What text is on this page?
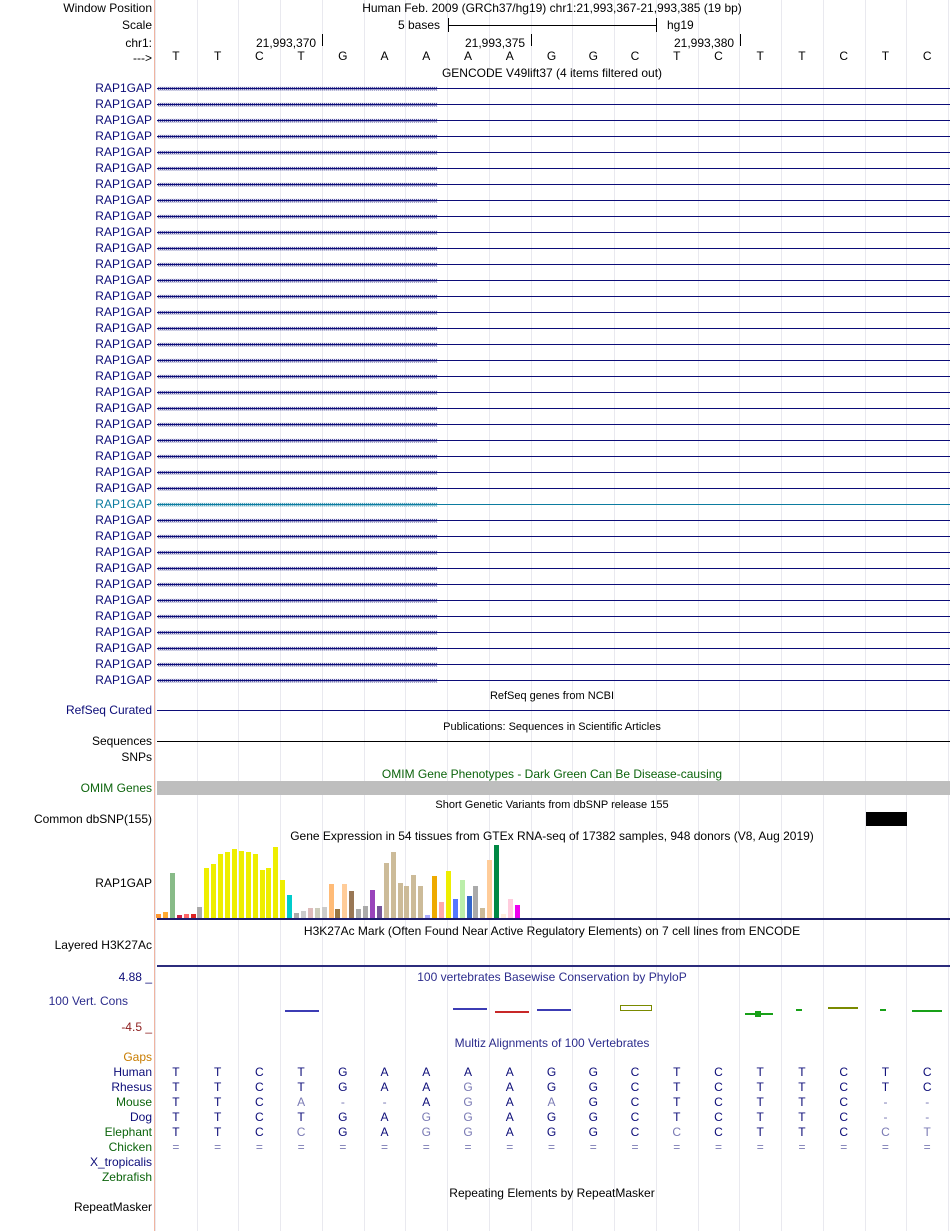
Window Position	Human Feb. 2009 (GRCh37/hg19) chr1:21,993,367-21,993,385 (19 bp)
Scale	5 bases	hg19
chr1:	21,993,370	21,993,375	21,993,380
--->	T	T	C	T	G	A	A	A	A	G	G	C	T	C	T	T	C	T	C
GENCODE V49lift37 (4 items filtered out)
RAP1GAP ‹‹‹‹‹‹‹‹‹‹‹‹‹‹‹‹‹‹‹‹‹‹‹‹‹‹‹‹‹‹‹‹‹‹‹‹‹‹‹‹‹‹‹‹‹‹‹‹‹‹‹‹‹‹‹‹‹‹‹‹‹‹‹‹‹‹‹‹‹‹‹‹‹‹‹‹‹‹‹‹‹‹‹‹‹‹‹‹‹‹‹‹‹‹‹‹‹‹‹‹‹‹‹‹‹‹‹‹‹‹‹‹‹‹‹‹‹‹‹‹‹‹‹‹‹‹‹‹‹‹‹‹‹‹‹‹‹‹‹‹
RAP1GAP ‹‹‹‹‹‹‹‹‹‹‹‹‹‹‹‹‹‹‹‹‹‹‹‹‹‹‹‹‹‹‹‹‹‹‹‹‹‹‹‹‹‹‹‹‹‹‹‹‹‹‹‹‹‹‹‹‹‹‹‹‹‹‹‹‹‹‹‹‹‹‹‹‹‹‹‹‹‹‹‹‹‹‹‹‹‹‹‹‹‹‹‹‹‹‹‹‹‹‹‹‹‹‹‹‹‹‹‹‹‹‹‹‹‹‹‹‹‹‹‹‹‹‹‹‹‹‹‹‹‹‹‹‹‹‹‹‹‹‹‹
RAP1GAP ‹‹‹‹‹‹‹‹‹‹‹‹‹‹‹‹‹‹‹‹‹‹‹‹‹‹‹‹‹‹‹‹‹‹‹‹‹‹‹‹‹‹‹‹‹‹‹‹‹‹‹‹‹‹‹‹‹‹‹‹‹‹‹‹‹‹‹‹‹‹‹‹‹‹‹‹‹‹‹‹‹‹‹‹‹‹‹‹‹‹‹‹‹‹‹‹‹‹‹‹‹‹‹‹‹‹‹‹‹‹‹‹‹‹‹‹‹‹‹‹‹‹‹‹‹‹‹‹‹‹‹‹‹‹‹‹‹‹‹‹
RAP1GAP ‹‹‹‹‹‹‹‹‹‹‹‹‹‹‹‹‹‹‹‹‹‹‹‹‹‹‹‹‹‹‹‹‹‹‹‹‹‹‹‹‹‹‹‹‹‹‹‹‹‹‹‹‹‹‹‹‹‹‹‹‹‹‹‹‹‹‹‹‹‹‹‹‹‹‹‹‹‹‹‹‹‹‹‹‹‹‹‹‹‹‹‹‹‹‹‹‹‹‹‹‹‹‹‹‹‹‹‹‹‹‹‹‹‹‹‹‹‹‹‹‹‹‹‹‹‹‹‹‹‹‹‹‹‹‹‹‹‹‹‹
RAP1GAP ‹‹‹‹‹‹‹‹‹‹‹‹‹‹‹‹‹‹‹‹‹‹‹‹‹‹‹‹‹‹‹‹‹‹‹‹‹‹‹‹‹‹‹‹‹‹‹‹‹‹‹‹‹‹‹‹‹‹‹‹‹‹‹‹‹‹‹‹‹‹‹‹‹‹‹‹‹‹‹‹‹‹‹‹‹‹‹‹‹‹‹‹‹‹‹‹‹‹‹‹‹‹‹‹‹‹‹‹‹‹‹‹‹‹‹‹‹‹‹‹‹‹‹‹‹‹‹‹‹‹‹‹‹‹‹‹‹‹‹‹
RAP1GAP ‹‹‹‹‹‹‹‹‹‹‹‹‹‹‹‹‹‹‹‹‹‹‹‹‹‹‹‹‹‹‹‹‹‹‹‹‹‹‹‹‹‹‹‹‹‹‹‹‹‹‹‹‹‹‹‹‹‹‹‹‹‹‹‹‹‹‹‹‹‹‹‹‹‹‹‹‹‹‹‹‹‹‹‹‹‹‹‹‹‹‹‹‹‹‹‹‹‹‹‹‹‹‹‹‹‹‹‹‹‹‹‹‹‹‹‹‹‹‹‹‹‹‹‹‹‹‹‹‹‹‹‹‹‹‹‹‹‹‹‹
RAP1GAP ‹‹‹‹‹‹‹‹‹‹‹‹‹‹‹‹‹‹‹‹‹‹‹‹‹‹‹‹‹‹‹‹‹‹‹‹‹‹‹‹‹‹‹‹‹‹‹‹‹‹‹‹‹‹‹‹‹‹‹‹‹‹‹‹‹‹‹‹‹‹‹‹‹‹‹‹‹‹‹‹‹‹‹‹‹‹‹‹‹‹‹‹‹‹‹‹‹‹‹‹‹‹‹‹‹‹‹‹‹‹‹‹‹‹‹‹‹‹‹‹‹‹‹‹‹‹‹‹‹‹‹‹‹‹‹‹‹‹‹‹
RAP1GAP ‹‹‹‹‹‹‹‹‹‹‹‹‹‹‹‹‹‹‹‹‹‹‹‹‹‹‹‹‹‹‹‹‹‹‹‹‹‹‹‹‹‹‹‹‹‹‹‹‹‹‹‹‹‹‹‹‹‹‹‹‹‹‹‹‹‹‹‹‹‹‹‹‹‹‹‹‹‹‹‹‹‹‹‹‹‹‹‹‹‹‹‹‹‹‹‹‹‹‹‹‹‹‹‹‹‹‹‹‹‹‹‹‹‹‹‹‹‹‹‹‹‹‹‹‹‹‹‹‹‹‹‹‹‹‹‹‹‹‹‹
RAP1GAP ‹‹‹‹‹‹‹‹‹‹‹‹‹‹‹‹‹‹‹‹‹‹‹‹‹‹‹‹‹‹‹‹‹‹‹‹‹‹‹‹‹‹‹‹‹‹‹‹‹‹‹‹‹‹‹‹‹‹‹‹‹‹‹‹‹‹‹‹‹‹‹‹‹‹‹‹‹‹‹‹‹‹‹‹‹‹‹‹‹‹‹‹‹‹‹‹‹‹‹‹‹‹‹‹‹‹‹‹‹‹‹‹‹‹‹‹‹‹‹‹‹‹‹‹‹‹‹‹‹‹‹‹‹‹‹‹‹‹‹‹
RAP1GAP ‹‹‹‹‹‹‹‹‹‹‹‹‹‹‹‹‹‹‹‹‹‹‹‹‹‹‹‹‹‹‹‹‹‹‹‹‹‹‹‹‹‹‹‹‹‹‹‹‹‹‹‹‹‹‹‹‹‹‹‹‹‹‹‹‹‹‹‹‹‹‹‹‹‹‹‹‹‹‹‹‹‹‹‹‹‹‹‹‹‹‹‹‹‹‹‹‹‹‹‹‹‹‹‹‹‹‹‹‹‹‹‹‹‹‹‹‹‹‹‹‹‹‹‹‹‹‹‹‹‹‹‹‹‹‹‹‹‹‹‹
RAP1GAP ‹‹‹‹‹‹‹‹‹‹‹‹‹‹‹‹‹‹‹‹‹‹‹‹‹‹‹‹‹‹‹‹‹‹‹‹‹‹‹‹‹‹‹‹‹‹‹‹‹‹‹‹‹‹‹‹‹‹‹‹‹‹‹‹‹‹‹‹‹‹‹‹‹‹‹‹‹‹‹‹‹‹‹‹‹‹‹‹‹‹‹‹‹‹‹‹‹‹‹‹‹‹‹‹‹‹‹‹‹‹‹‹‹‹‹‹‹‹‹‹‹‹‹‹‹‹‹‹‹‹‹‹‹‹‹‹‹‹‹‹
RAP1GAP ‹‹‹‹‹‹‹‹‹‹‹‹‹‹‹‹‹‹‹‹‹‹‹‹‹‹‹‹‹‹‹‹‹‹‹‹‹‹‹‹‹‹‹‹‹‹‹‹‹‹‹‹‹‹‹‹‹‹‹‹‹‹‹‹‹‹‹‹‹‹‹‹‹‹‹‹‹‹‹‹‹‹‹‹‹‹‹‹‹‹‹‹‹‹‹‹‹‹‹‹‹‹‹‹‹‹‹‹‹‹‹‹‹‹‹‹‹‹‹‹‹‹‹‹‹‹‹‹‹‹‹‹‹‹‹‹‹‹‹‹
RAP1GAP ‹‹‹‹‹‹‹‹‹‹‹‹‹‹‹‹‹‹‹‹‹‹‹‹‹‹‹‹‹‹‹‹‹‹‹‹‹‹‹‹‹‹‹‹‹‹‹‹‹‹‹‹‹‹‹‹‹‹‹‹‹‹‹‹‹‹‹‹‹‹‹‹‹‹‹‹‹‹‹‹‹‹‹‹‹‹‹‹‹‹‹‹‹‹‹‹‹‹‹‹‹‹‹‹‹‹‹‹‹‹‹‹‹‹‹‹‹‹‹‹‹‹‹‹‹‹‹‹‹‹‹‹‹‹‹‹‹‹‹‹
RAP1GAP ‹‹‹‹‹‹‹‹‹‹‹‹‹‹‹‹‹‹‹‹‹‹‹‹‹‹‹‹‹‹‹‹‹‹‹‹‹‹‹‹‹‹‹‹‹‹‹‹‹‹‹‹‹‹‹‹‹‹‹‹‹‹‹‹‹‹‹‹‹‹‹‹‹‹‹‹‹‹‹‹‹‹‹‹‹‹‹‹‹‹‹‹‹‹‹‹‹‹‹‹‹‹‹‹‹‹‹‹‹‹‹‹‹‹‹‹‹‹‹‹‹‹‹‹‹‹‹‹‹‹‹‹‹‹‹‹‹‹‹‹
RAP1GAP ‹‹‹‹‹‹‹‹‹‹‹‹‹‹‹‹‹‹‹‹‹‹‹‹‹‹‹‹‹‹‹‹‹‹‹‹‹‹‹‹‹‹‹‹‹‹‹‹‹‹‹‹‹‹‹‹‹‹‹‹‹‹‹‹‹‹‹‹‹‹‹‹‹‹‹‹‹‹‹‹‹‹‹‹‹‹‹‹‹‹‹‹‹‹‹‹‹‹‹‹‹‹‹‹‹‹‹‹‹‹‹‹‹‹‹‹‹‹‹‹‹‹‹‹‹‹‹‹‹‹‹‹‹‹‹‹‹‹‹‹
RAP1GAP ‹‹‹‹‹‹‹‹‹‹‹‹‹‹‹‹‹‹‹‹‹‹‹‹‹‹‹‹‹‹‹‹‹‹‹‹‹‹‹‹‹‹‹‹‹‹‹‹‹‹‹‹‹‹‹‹‹‹‹‹‹‹‹‹‹‹‹‹‹‹‹‹‹‹‹‹‹‹‹‹‹‹‹‹‹‹‹‹‹‹‹‹‹‹‹‹‹‹‹‹‹‹‹‹‹‹‹‹‹‹‹‹‹‹‹‹‹‹‹‹‹‹‹‹‹‹‹‹‹‹‹‹‹‹‹‹‹‹‹‹
RAP1GAP ‹‹‹‹‹‹‹‹‹‹‹‹‹‹‹‹‹‹‹‹‹‹‹‹‹‹‹‹‹‹‹‹‹‹‹‹‹‹‹‹‹‹‹‹‹‹‹‹‹‹‹‹‹‹‹‹‹‹‹‹‹‹‹‹‹‹‹‹‹‹‹‹‹‹‹‹‹‹‹‹‹‹‹‹‹‹‹‹‹‹‹‹‹‹‹‹‹‹‹‹‹‹‹‹‹‹‹‹‹‹‹‹‹‹‹‹‹‹‹‹‹‹‹‹‹‹‹‹‹‹‹‹‹‹‹‹‹‹‹‹
RAP1GAP ‹‹‹‹‹‹‹‹‹‹‹‹‹‹‹‹‹‹‹‹‹‹‹‹‹‹‹‹‹‹‹‹‹‹‹‹‹‹‹‹‹‹‹‹‹‹‹‹‹‹‹‹‹‹‹‹‹‹‹‹‹‹‹‹‹‹‹‹‹‹‹‹‹‹‹‹‹‹‹‹‹‹‹‹‹‹‹‹‹‹‹‹‹‹‹‹‹‹‹‹‹‹‹‹‹‹‹‹‹‹‹‹‹‹‹‹‹‹‹‹‹‹‹‹‹‹‹‹‹‹‹‹‹‹‹‹‹‹‹‹
RAP1GAP ‹‹‹‹‹‹‹‹‹‹‹‹‹‹‹‹‹‹‹‹‹‹‹‹‹‹‹‹‹‹‹‹‹‹‹‹‹‹‹‹‹‹‹‹‹‹‹‹‹‹‹‹‹‹‹‹‹‹‹‹‹‹‹‹‹‹‹‹‹‹‹‹‹‹‹‹‹‹‹‹‹‹‹‹‹‹‹‹‹‹‹‹‹‹‹‹‹‹‹‹‹‹‹‹‹‹‹‹‹‹‹‹‹‹‹‹‹‹‹‹‹‹‹‹‹‹‹‹‹‹‹‹‹‹‹‹‹‹‹‹
RAP1GAP ‹‹‹‹‹‹‹‹‹‹‹‹‹‹‹‹‹‹‹‹‹‹‹‹‹‹‹‹‹‹‹‹‹‹‹‹‹‹‹‹‹‹‹‹‹‹‹‹‹‹‹‹‹‹‹‹‹‹‹‹‹‹‹‹‹‹‹‹‹‹‹‹‹‹‹‹‹‹‹‹‹‹‹‹‹‹‹‹‹‹‹‹‹‹‹‹‹‹‹‹‹‹‹‹‹‹‹‹‹‹‹‹‹‹‹‹‹‹‹‹‹‹‹‹‹‹‹‹‹‹‹‹‹‹‹‹‹‹‹‹
RAP1GAP ‹‹‹‹‹‹‹‹‹‹‹‹‹‹‹‹‹‹‹‹‹‹‹‹‹‹‹‹‹‹‹‹‹‹‹‹‹‹‹‹‹‹‹‹‹‹‹‹‹‹‹‹‹‹‹‹‹‹‹‹‹‹‹‹‹‹‹‹‹‹‹‹‹‹‹‹‹‹‹‹‹‹‹‹‹‹‹‹‹‹‹‹‹‹‹‹‹‹‹‹‹‹‹‹‹‹‹‹‹‹‹‹‹‹‹‹‹‹‹‹‹‹‹‹‹‹‹‹‹‹‹‹‹‹‹‹‹‹‹‹
RAP1GAP ‹‹‹‹‹‹‹‹‹‹‹‹‹‹‹‹‹‹‹‹‹‹‹‹‹‹‹‹‹‹‹‹‹‹‹‹‹‹‹‹‹‹‹‹‹‹‹‹‹‹‹‹‹‹‹‹‹‹‹‹‹‹‹‹‹‹‹‹‹‹‹‹‹‹‹‹‹‹‹‹‹‹‹‹‹‹‹‹‹‹‹‹‹‹‹‹‹‹‹‹‹‹‹‹‹‹‹‹‹‹‹‹‹‹‹‹‹‹‹‹‹‹‹‹‹‹‹‹‹‹‹‹‹‹‹‹‹‹‹‹
RAP1GAP ‹‹‹‹‹‹‹‹‹‹‹‹‹‹‹‹‹‹‹‹‹‹‹‹‹‹‹‹‹‹‹‹‹‹‹‹‹‹‹‹‹‹‹‹‹‹‹‹‹‹‹‹‹‹‹‹‹‹‹‹‹‹‹‹‹‹‹‹‹‹‹‹‹‹‹‹‹‹‹‹‹‹‹‹‹‹‹‹‹‹‹‹‹‹‹‹‹‹‹‹‹‹‹‹‹‹‹‹‹‹‹‹‹‹‹‹‹‹‹‹‹‹‹‹‹‹‹‹‹‹‹‹‹‹‹‹‹‹‹‹
RAP1GAP ‹‹‹‹‹‹‹‹‹‹‹‹‹‹‹‹‹‹‹‹‹‹‹‹‹‹‹‹‹‹‹‹‹‹‹‹‹‹‹‹‹‹‹‹‹‹‹‹‹‹‹‹‹‹‹‹‹‹‹‹‹‹‹‹‹‹‹‹‹‹‹‹‹‹‹‹‹‹‹‹‹‹‹‹‹‹‹‹‹‹‹‹‹‹‹‹‹‹‹‹‹‹‹‹‹‹‹‹‹‹‹‹‹‹‹‹‹‹‹‹‹‹‹‹‹‹‹‹‹‹‹‹‹‹‹‹‹‹‹‹
RAP1GAP ‹‹‹‹‹‹‹‹‹‹‹‹‹‹‹‹‹‹‹‹‹‹‹‹‹‹‹‹‹‹‹‹‹‹‹‹‹‹‹‹‹‹‹‹‹‹‹‹‹‹‹‹‹‹‹‹‹‹‹‹‹‹‹‹‹‹‹‹‹‹‹‹‹‹‹‹‹‹‹‹‹‹‹‹‹‹‹‹‹‹‹‹‹‹‹‹‹‹‹‹‹‹‹‹‹‹‹‹‹‹‹‹‹‹‹‹‹‹‹‹‹‹‹‹‹‹‹‹‹‹‹‹‹‹‹‹‹‹‹‹
RAP1GAP ‹‹‹‹‹‹‹‹‹‹‹‹‹‹‹‹‹‹‹‹‹‹‹‹‹‹‹‹‹‹‹‹‹‹‹‹‹‹‹‹‹‹‹‹‹‹‹‹‹‹‹‹‹‹‹‹‹‹‹‹‹‹‹‹‹‹‹‹‹‹‹‹‹‹‹‹‹‹‹‹‹‹‹‹‹‹‹‹‹‹‹‹‹‹‹‹‹‹‹‹‹‹‹‹‹‹‹‹‹‹‹‹‹‹‹‹‹‹‹‹‹‹‹‹‹‹‹‹‹‹‹‹‹‹‹‹‹‹‹‹
RAP1GAP ‹‹‹‹‹‹‹‹‹‹‹‹‹‹‹‹‹‹‹‹‹‹‹‹‹‹‹‹‹‹‹‹‹‹‹‹‹‹‹‹‹‹‹‹‹‹‹‹‹‹‹‹‹‹‹‹‹‹‹‹‹‹‹‹‹‹‹‹‹‹‹‹‹‹‹‹‹‹‹‹‹‹‹‹‹‹‹‹‹‹‹‹‹‹‹‹‹‹‹‹‹‹‹‹‹‹‹‹‹‹‹‹‹‹‹‹‹‹‹‹‹‹‹‹‹‹‹‹‹‹‹‹‹‹‹‹‹‹‹‹
RAP1GAP ‹‹‹‹‹‹‹‹‹‹‹‹‹‹‹‹‹‹‹‹‹‹‹‹‹‹‹‹‹‹‹‹‹‹‹‹‹‹‹‹‹‹‹‹‹‹‹‹‹‹‹‹‹‹‹‹‹‹‹‹‹‹‹‹‹‹‹‹‹‹‹‹‹‹‹‹‹‹‹‹‹‹‹‹‹‹‹‹‹‹‹‹‹‹‹‹‹‹‹‹‹‹‹‹‹‹‹‹‹‹‹‹‹‹‹‹‹‹‹‹‹‹‹‹‹‹‹‹‹‹‹‹‹‹‹‹‹‹‹‹
RAP1GAP ‹‹‹‹‹‹‹‹‹‹‹‹‹‹‹‹‹‹‹‹‹‹‹‹‹‹‹‹‹‹‹‹‹‹‹‹‹‹‹‹‹‹‹‹‹‹‹‹‹‹‹‹‹‹‹‹‹‹‹‹‹‹‹‹‹‹‹‹‹‹‹‹‹‹‹‹‹‹‹‹‹‹‹‹‹‹‹‹‹‹‹‹‹‹‹‹‹‹‹‹‹‹‹‹‹‹‹‹‹‹‹‹‹‹‹‹‹‹‹‹‹‹‹‹‹‹‹‹‹‹‹‹‹‹‹‹‹‹‹‹
RAP1GAP ‹‹‹‹‹‹‹‹‹‹‹‹‹‹‹‹‹‹‹‹‹‹‹‹‹‹‹‹‹‹‹‹‹‹‹‹‹‹‹‹‹‹‹‹‹‹‹‹‹‹‹‹‹‹‹‹‹‹‹‹‹‹‹‹‹‹‹‹‹‹‹‹‹‹‹‹‹‹‹‹‹‹‹‹‹‹‹‹‹‹‹‹‹‹‹‹‹‹‹‹‹‹‹‹‹‹‹‹‹‹‹‹‹‹‹‹‹‹‹‹‹‹‹‹‹‹‹‹‹‹‹‹‹‹‹‹‹‹‹‹
RAP1GAP ‹‹‹‹‹‹‹‹‹‹‹‹‹‹‹‹‹‹‹‹‹‹‹‹‹‹‹‹‹‹‹‹‹‹‹‹‹‹‹‹‹‹‹‹‹‹‹‹‹‹‹‹‹‹‹‹‹‹‹‹‹‹‹‹‹‹‹‹‹‹‹‹‹‹‹‹‹‹‹‹‹‹‹‹‹‹‹‹‹‹‹‹‹‹‹‹‹‹‹‹‹‹‹‹‹‹‹‹‹‹‹‹‹‹‹‹‹‹‹‹‹‹‹‹‹‹‹‹‹‹‹‹‹‹‹‹‹‹‹‹
RAP1GAP ‹‹‹‹‹‹‹‹‹‹‹‹‹‹‹‹‹‹‹‹‹‹‹‹‹‹‹‹‹‹‹‹‹‹‹‹‹‹‹‹‹‹‹‹‹‹‹‹‹‹‹‹‹‹‹‹‹‹‹‹‹‹‹‹‹‹‹‹‹‹‹‹‹‹‹‹‹‹‹‹‹‹‹‹‹‹‹‹‹‹‹‹‹‹‹‹‹‹‹‹‹‹‹‹‹‹‹‹‹‹‹‹‹‹‹‹‹‹‹‹‹‹‹‹‹‹‹‹‹‹‹‹‹‹‹‹‹‹‹‹
RAP1GAP ‹‹‹‹‹‹‹‹‹‹‹‹‹‹‹‹‹‹‹‹‹‹‹‹‹‹‹‹‹‹‹‹‹‹‹‹‹‹‹‹‹‹‹‹‹‹‹‹‹‹‹‹‹‹‹‹‹‹‹‹‹‹‹‹‹‹‹‹‹‹‹‹‹‹‹‹‹‹‹‹‹‹‹‹‹‹‹‹‹‹‹‹‹‹‹‹‹‹‹‹‹‹‹‹‹‹‹‹‹‹‹‹‹‹‹‹‹‹‹‹‹‹‹‹‹‹‹‹‹‹‹‹‹‹‹‹‹‹‹‹
RAP1GAP ‹‹‹‹‹‹‹‹‹‹‹‹‹‹‹‹‹‹‹‹‹‹‹‹‹‹‹‹‹‹‹‹‹‹‹‹‹‹‹‹‹‹‹‹‹‹‹‹‹‹‹‹‹‹‹‹‹‹‹‹‹‹‹‹‹‹‹‹‹‹‹‹‹‹‹‹‹‹‹‹‹‹‹‹‹‹‹‹‹‹‹‹‹‹‹‹‹‹‹‹‹‹‹‹‹‹‹‹‹‹‹‹‹‹‹‹‹‹‹‹‹‹‹‹‹‹‹‹‹‹‹‹‹‹‹‹‹‹‹‹
RAP1GAP ‹‹‹‹‹‹‹‹‹‹‹‹‹‹‹‹‹‹‹‹‹‹‹‹‹‹‹‹‹‹‹‹‹‹‹‹‹‹‹‹‹‹‹‹‹‹‹‹‹‹‹‹‹‹‹‹‹‹‹‹‹‹‹‹‹‹‹‹‹‹‹‹‹‹‹‹‹‹‹‹‹‹‹‹‹‹‹‹‹‹‹‹‹‹‹‹‹‹‹‹‹‹‹‹‹‹‹‹‹‹‹‹‹‹‹‹‹‹‹‹‹‹‹‹‹‹‹‹‹‹‹‹‹‹‹‹‹‹‹‹
RAP1GAP ‹‹‹‹‹‹‹‹‹‹‹‹‹‹‹‹‹‹‹‹‹‹‹‹‹‹‹‹‹‹‹‹‹‹‹‹‹‹‹‹‹‹‹‹‹‹‹‹‹‹‹‹‹‹‹‹‹‹‹‹‹‹‹‹‹‹‹‹‹‹‹‹‹‹‹‹‹‹‹‹‹‹‹‹‹‹‹‹‹‹‹‹‹‹‹‹‹‹‹‹‹‹‹‹‹‹‹‹‹‹‹‹‹‹‹‹‹‹‹‹‹‹‹‹‹‹‹‹‹‹‹‹‹‹‹‹‹‹‹‹
RAP1GAP ‹‹‹‹‹‹‹‹‹‹‹‹‹‹‹‹‹‹‹‹‹‹‹‹‹‹‹‹‹‹‹‹‹‹‹‹‹‹‹‹‹‹‹‹‹‹‹‹‹‹‹‹‹‹‹‹‹‹‹‹‹‹‹‹‹‹‹‹‹‹‹‹‹‹‹‹‹‹‹‹‹‹‹‹‹‹‹‹‹‹‹‹‹‹‹‹‹‹‹‹‹‹‹‹‹‹‹‹‹‹‹‹‹‹‹‹‹‹‹‹‹‹‹‹‹‹‹‹‹‹‹‹‹‹‹‹‹‹‹‹
RAP1GAP ‹‹‹‹‹‹‹‹‹‹‹‹‹‹‹‹‹‹‹‹‹‹‹‹‹‹‹‹‹‹‹‹‹‹‹‹‹‹‹‹‹‹‹‹‹‹‹‹‹‹‹‹‹‹‹‹‹‹‹‹‹‹‹‹‹‹‹‹‹‹‹‹‹‹‹‹‹‹‹‹‹‹‹‹‹‹‹‹‹‹‹‹‹‹‹‹‹‹‹‹‹‹‹‹‹‹‹‹‹‹‹‹‹‹‹‹‹‹‹‹‹‹‹‹‹‹‹‹‹‹‹‹‹‹‹‹‹‹‹‹
RefSeq genes from NCBI
RefSeq Curated
Publications: Sequences in Scientific Articles
Sequences
SNPs
OMIM Gene Phenotypes - Dark Green Can Be Disease-causing
OMIM Genes
Short Genetic Variants from dbSNP release 155
Common dbSNP(155)
Gene Expression in 54 tissues from GTEx RNA-seq of 17382 samples, 948 donors (V8, Aug 2019)
RAP1GAP
H3K27Ac Mark (Often Found Near Active Regulatory Elements) on 7 cell lines from ENCODE
Layered H3K27Ac
100 vertebrates Basewise Conservation by PhyloP
4.88 _
100 Vert. Cons
-4.5 _
Multiz Alignments of 100 Vertebrates
Gaps
Human	T	T	C	T	G	A	A	A	A	G	G	C	T	C	T	T	C	T	C
Rhesus	T	T	C	T	G	A	A	G	A	G	G	C	T	C	T	T	C	T	C
Mouse	T	T	C	A	-	-	A	G	A	A	G	C	T	C	T	T	C	-	-
Dog	T	T	C	T	G	A	G	G	A	G	G	C	T	C	T	T	C	-	-
Elephant	T	T	C	C	G	A	G	G	A	G	G	C	C	C	T	T	C	C	T
Chicken	=	=	=	=	=	=	=	=	=	=	=	=	=	=	=	=	=	=	=
X_tropicalis
Zebrafish
Repeating Elements by RepeatMasker
RepeatMasker
